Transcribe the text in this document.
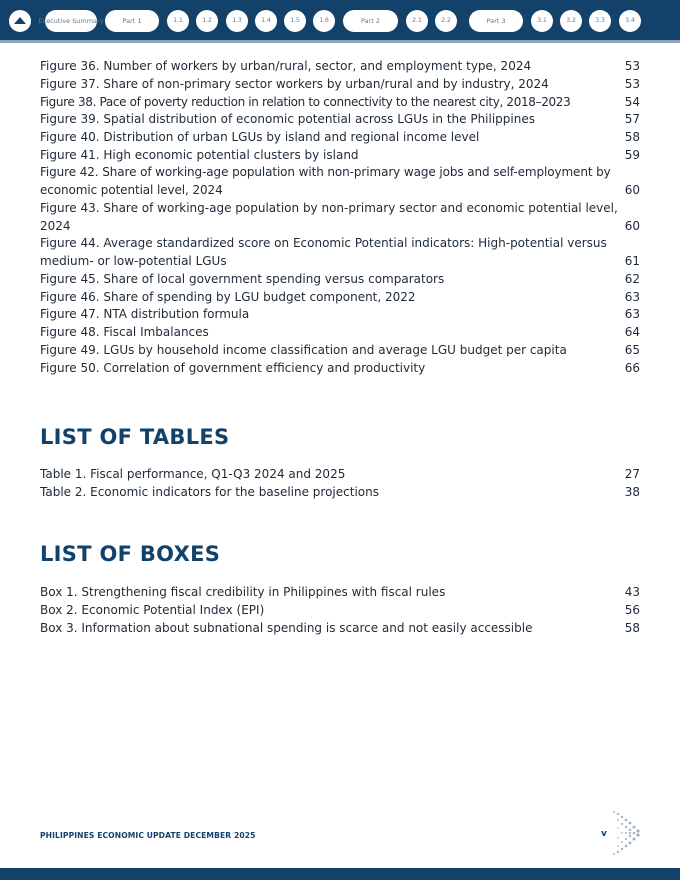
Executive Summary	Part 1	1.1	1.2	1.3	1.4	1.5	1.6	Part 2	2.1	2.2	Part 3	3.1	3.2	3.3	3.4
Figure 36. Number of workers by urban/rural, sector, and employment type, 2024	53
Figure 37. Share of non-primary sector workers by urban/rural and by industry, 2024	53
Figure 38. Pace of poverty reduction in relation to connectivity to the nearest city, 2018–2023	54
Figure 39. Spatial distribution of economic potential across LGUs in the Philippines	57
Figure 40. Distribution of urban LGUs by island and regional income level	58
Figure 41. High economic potential clusters by island	59
Figure 42. Share of working-age population with non-primary wage jobs and self-employment by economic potential level, 2024	60
Figure 43. Share of working-age population by non-primary sector and economic potential level, 2024	60
Figure 44. Average standardized score on Economic Potential indicators: High-potential versus medium- or low-potential LGUs	61
Figure 45. Share of local government spending versus comparators	62
Figure 46. Share of spending by LGU budget component, 2022	63
Figure 47. NTA distribution formula	63
Figure 48. Fiscal Imbalances	64
Figure 49. LGUs by household income classification and average LGU budget per capita	65
Figure 50. Correlation of government efficiency and productivity	66
LIST OF TABLES
Table 1. Fiscal performance, Q1-Q3 2024 and 2025	27
Table 2. Economic indicators for the baseline projections	38
LIST OF BOXES
Box 1. Strengthening fiscal credibility in Philippines with fiscal rules	43
Box 2. Economic Potential Index (EPI)	56
Box 3. Information about subnational spending is scarce and not easily accessible	58
PHILIPPINES ECONOMIC UPDATE DECEMBER 2025	v
